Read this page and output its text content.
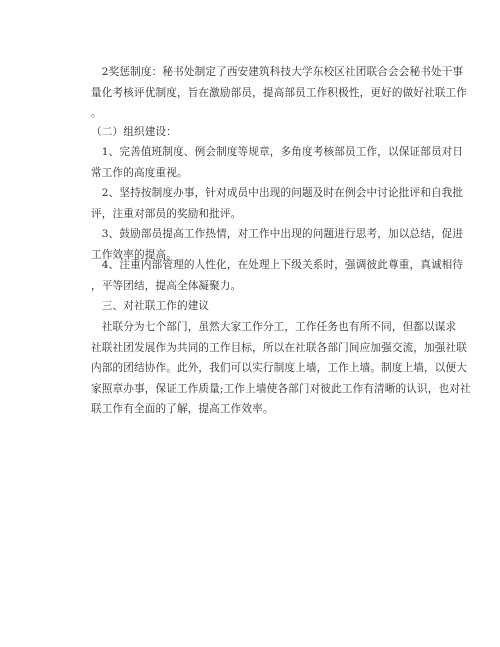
　2奖惩制度：秘书处制定了西安建筑科技大学东校区社团联合会会秘书处干事
量化考核评优制度，旨在激励部员，提高部员工作积极性，更好的做好社联工作
。

（二）组织建设：

　1、完善值班制度、例会制度等规章，多角度考核部员工作，以保证部员对日
常工作的高度重视。

　2、坚持按制度办事，针对成员中出现的问题及时在例会中讨论批评和自我批
评，注重对部员的奖励和批评。

　3、鼓励部员提高工作热情，对工作中出现的问题进行思考，加以总结，促进
工作效率的提高。

　4、注重内部管理的人性化，在处理上下级关系时，强调彼此尊重，真诚相待
，平等团结，提高全体凝聚力。

　三、对社联工作的建议

　社联分为七个部门，虽然大家工作分工，工作任务也有所不同，但都以谋求
社联社团发展作为共同的工作目标，所以在社联各部门间应加强交流，加强社联
内部的团结协作。此外，我们可以实行制度上墙，工作上墙。制度上墙，以便大
家照章办事，保证工作质量;工作上墙使各部门对彼此工作有清晰的认识，也对社
联工作有全面的了解，提高工作效率。
